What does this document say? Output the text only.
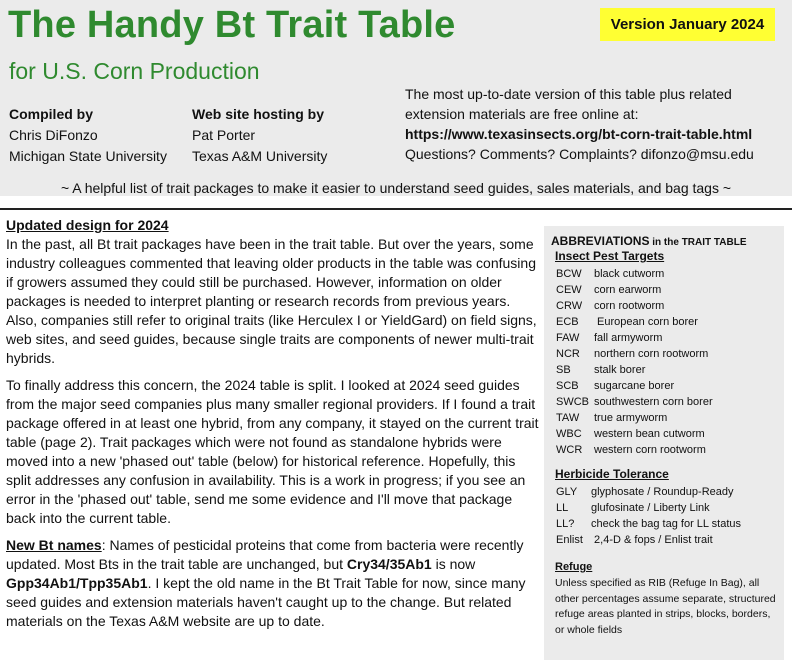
The Handy Bt Trait Table
for U.S. Corn Production
Version January 2024
Compiled by
Chris DiFonzo
Michigan State University
Web site hosting by
Pat Porter
Texas A&M University
The most up-to-date version of this table plus related
extension materials are free online at:
https://www.texasinsects.org/bt-corn-trait-table.html
Questions? Comments? Complaints? difonzo@msu.edu
~ A helpful list of trait packages to make it easier to understand seed guides, sales materials, and bag tags ~
Updated design for 2024

In the past, all Bt trait packages have been in the trait table. But over the years, some industry colleagues commented that leaving older products in the table was confusing if growers assumed they could still be purchased. However, information on older packages is needed to interpret planting or research records from previous years. Also, companies still refer to original traits (like Herculex I or YieldGard) on field signs, web sites, and seed guides, because single traits are components of newer multi-trait hybrids.

To finally address this concern, the 2024 table is split. I looked at 2024 seed guides from the major seed companies plus many smaller regional providers. If I found a trait package offered in at least one hybrid, from any company, it stayed on the current trait table (page 2). Trait packages which were not found as standalone hybrids were moved into a new 'phased out' table (below) for historical reference. Hopefully, this split addresses any confusion in availability. This is a work in progress; if you see an error in the 'phased out' table, send me some evidence and I'll move that package back into the current table.

New Bt names: Names of pesticidal proteins that come from bacteria were recently updated. Most Bts in the trait table are unchanged, but Cry34/35Ab1 is now Gpp34Ab1/Tpp35Ab1. I kept the old name in the Bt Trait Table for now, since many seed guides and extension materials haven't caught up to the change. But related materials on the Texas A&M website are up to date.

ABBREVIATIONS in the TRAIT TABLE
Insect Pest Targets
BCW black cutworm
CEW corn earworm
CRW corn rootworm
ECB European corn borer
FAW fall armyworm
NCR northern corn rootworm
SB stalk borer
SCB sugarcane borer
SWCB southwestern corn borer
TAW true armyworm
WBC western bean cutworm
WCR western corn rootworm
Herbicide Tolerance
GLY glyphosate / Roundup-Ready
LL glufosinate / Liberty Link
LL? check the bag tag for LL status
Enlist 2,4-D & fops / Enlist trait
Refuge
Unless specified as RIB (Refuge In Bag), all other percentages assume separate, structured refuge areas planted in strips, blocks, borders, or whole fields
